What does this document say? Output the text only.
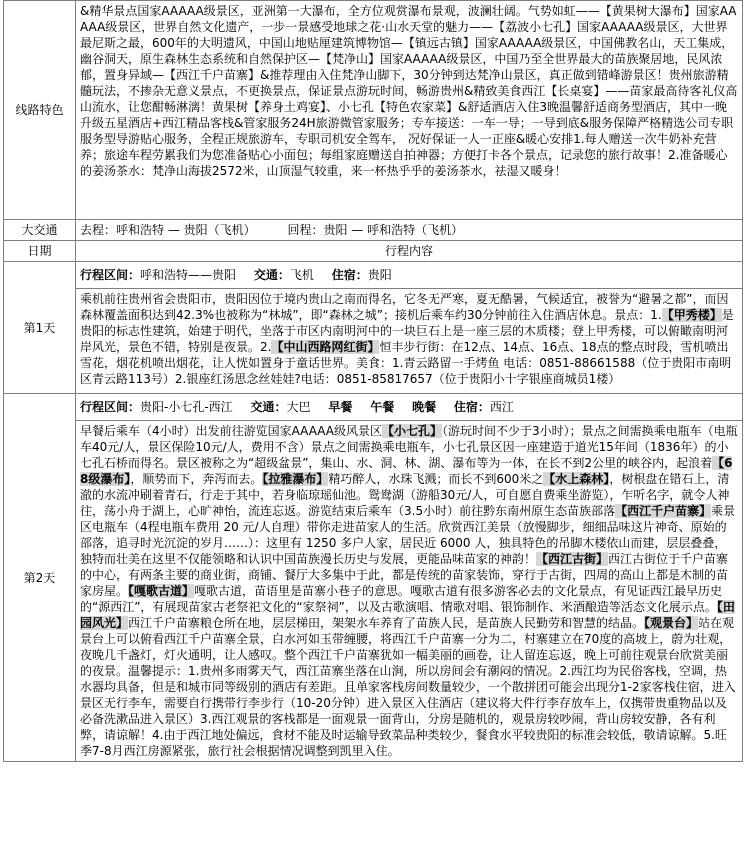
线路特色	&精华景点国家AAAAA级景区，亚洲第一大瀑布，全方位观赏瀑布景观，波澜壮阔。气势如虹——【黄果树大瀑布】国家AAAAA级景区，世界自然文化遗产，一步一景感受地球之花·山水天堂的魅力——【荔波小七孔】国家AAAAA级景区，大世界最尼斯之最，600年的大明遗风，中国山地贴厘建筑博物馆—【镇远古镇】国家AAAAA级景区，中国佛教名山，天工集成，幽谷洞天，原生森林生态系统和自然保护区—【梵净山】国家AAAAA级景区，中国乃至全世界最大的苗族聚居地，民风浓郁，置身异域—【西江千户苗寨】&推荐理由入住梵净山脚下，30分钟到达梵净山景区，真正做到错峰游景区！贵州旅游精髓玩法，不掺杂无意义景点，不更换景点，保证景点游玩时间，畅游贵州&精致美食西江【长桌宴】——苗家最高待客礼仪高山流水，让您酣畅淋漓！黄果树【养身土鸡宴】、小七孔【特色农家菜】&舒适酒店入住3晚温馨舒适商务型酒店，其中一晚升级五星酒店+西江精品客栈&管家服务24H旅游微管家服务；专车接送：一车一导；一导到底&服务保障严格精选公司专职服务型导游贴心服务，全程正规旅游车，专职司机安全驾车， 况好保证一人一正座&暖心安排1.每人赠送一次牛奶补充营养；旅途车程劳累我们为您准备贴心小面包；每组家庭赠送自拍神器；方便打卡各个景点，记录您的旅行故事！2.准备暖心的姜汤茶水：梵净山海拔2572米，山顶湿气较重，来一杯热乎乎的姜汤茶水，祛湿又暖身！
大交通	去程：呼和浩特 — 贵阳（飞机） 回程：贵阳 — 呼和浩特（飞机）
日期	行程内容
第1天	行程区间：呼和浩特——贵阳 交通：飞机 住宿：贵阳
	乘机前往贵州省会贵阳市，贵阳因位于境内贵山之南而得名，它冬无严寒，夏无酷暑，气候适宜，被誉为“避暑之都”，而因森林覆盖面积达到42.3%也被称为“林城”，即“森林之城”；接机后乘车约30分钟前往入住酒店休息。景点：1.【甲秀楼】是贵阳的标志性建筑，始建于明代，坐落于市区内南明河中的一块巨石上是一座三层的木质楼；登上甲秀楼，可以俯瞰南明河岸风光，景色不错，特别是夜景。2.【中山西路网红街】恒丰步行街：在12点、14点、16点、18点的整点时段，雪机喷出雪花，烟花机喷出烟花，让人恍如置身于童话世界。美食：1.青云路留一手烤鱼 电话：0851-88661588（位于贵阳市南明区青云路113号）2.银座红汤思念丝娃娃?电话：0851-85817657（位于贵阳小十字银座商城员1楼）
第2天	行程区间：贵阳-小七孔-西江 交通：大巴 早餐 午餐 晚餐 住宿：西江
	早餐后乘车（4小时）出发前往游览国家AAAAA级风景区【小七孔】（游玩时间不少于3小时）；景点之间需换乘电瓶车（电瓶车40元/人，景区保险10元/人，费用不含）景点之间需换乘电瓶车，小七孔景区因一座建造于道光15年间（1836年）的小七孔石桥而得名。景区被称之为“超级盆景”，集山、水、洞、林、湖、瀑布等为一体，在长不到2公里的峡谷内，起浪着【68级瀑布】，顺势而下，奔泻而去。【拉雅瀑布】精巧醉人，水珠飞溅；而长不到600米之【水上森林】，树根盘在错石上，清澈的水流冲刷着青石，行走于其中，若身临琼瑶仙池。鸳鸯湖（游船30元/人，可自愿自费乘坐游览），乍听名字，就令人神往，荡小舟于湖上，心旷神怡，流连忘返。游览结束后乘车（3.5小时）前往黔东南州原生态苗族部落【西江千户苗寨】乘景区电瓶车（4程电瓶车费用 20 元/人自理）带你走进苗家人的生活。欣赏西江美景（放慢脚步，细细品味这片神奇、原始的部落，追寻时光沉淀的岁月……）：这里有 1250 多户人家，居民近 6000 人，独具特色的吊脚木楼依山而建，层层叠叠，独特而壮美在这里不仅能领略和认识中国苗族漫长历史与发展，更能品味苗家的神韵！【西江古街】西江古街位于千户苗寨的中心，有两条主要的商业街，商铺、餐厅大多集中于此，都是传统的苗家装饰，穿行于古街，四周的高山上都是木制的苗家房屋。【嘎歌古道】嘎歌古道，苗语里是苗寨小巷子的意思。嘎歌古道有很多游客必去的文化景点，有见证西江最早历史的“源西江”，有展现苗家古老祭祀文化的“家祭祠”，以及古歌演唱、情歌对唱、银饰制作、米酒酿造等活态文化展示点。【田园风光】西江千户苗寨粮仓所在地，层层梯田，架架水车养育了苗族人民，是苗族人民勤劳和智慧的结晶。【观景台】站在观景台上可以俯看西江千户苗寨全景，白水河如玉带缠腰，将西江千户苗寨一分为二，村寨建立在70度的高坡上，蔚为壮观，夜晚几千盏灯，灯火通明，让人感叹。整个西江千户苗寨犹如一幅美丽的画卷，让人留连忘返，晚上可前往观景台欣赏美丽的夜景。温馨提示：1.贵州多雨雾天气，西江苗寨坐落在山涧，所以房间会有潮闷的情况。2.西江均为民俗客栈，空调，热水器均具备，但是和城市同等级别的酒店有差距。且单家客栈房间数量较少，一个散拼团可能会出现分1-2家客栈住宿，进入景区无行李车，需要自行携带行李步行（10-20分钟）进入景区入住酒店（建议将大件行李存放车上，仅携带贵重物品以及必备洗漱品进入景区）3.西江观景的客栈都是一面观景一面背山，分房是随机的，观景房较吵闹，背山房较安静，各有利弊，请谅解！4.由于西江地处偏远，食材不能及时运输导致菜品种类较少，餐食水平较贵阳的标准会较低，敬请谅解。5.旺季7-8月西江房源紧张，旅行社会根据情况调整到凯里入住。
